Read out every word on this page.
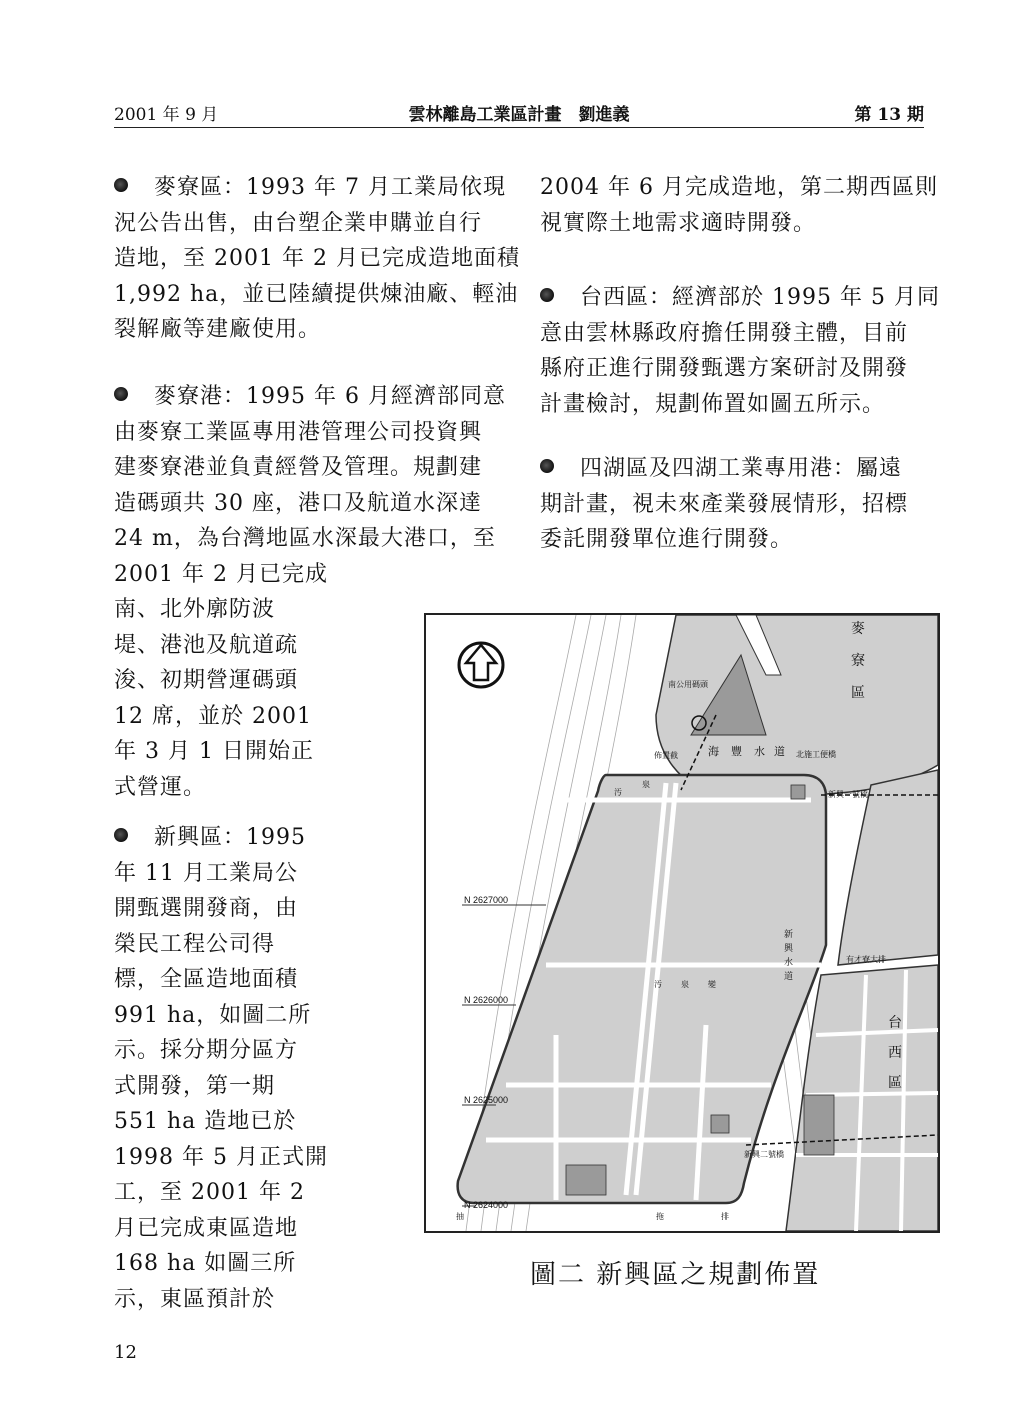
2001 年 9 月	雲林離島工業區計畫　劉進義	第 13 期
麥寮區：1993 年 7 月工業局依現
況公告出售，由台塑企業申購並自行
造地，至 2001 年 2 月已完成造地面積
1,992 ha，並已陸續提供煉油廠、輕油
裂解廠等建廠使用。
麥寮港：1995 年 6 月經濟部同意
由麥寮工業區專用港管理公司投資興
建麥寮港並負責經營及管理。規劃建
造碼頭共 30 座，港口及航道水深達
24 m，為台灣地區水深最大港口，至
2001 年 2 月已完成
南、北外廓防波
堤、港池及航道疏
浚、初期營運碼頭
12 席，並於 2001
年 3 月 1 日開始正
式營運。
新興區：1995
年 11 月工業局公
開甄選開發商，由
榮民工程公司得
標，全區造地面積
991 ha，如圖二所
示。採分期分區方
式開發，第一期
551 ha 造地已於
1998 年 5 月正式開
工，至 2001 年 2
月已完成東區造地
168 ha 如圖三所
示，東區預計於
2004 年 6 月完成造地，第二期西區則
視實際土地需求適時開發。
台西區：經濟部於 1995 年 5 月同
意由雲林縣政府擔任開發主體，目前
縣府正進行開發甄選方案研討及開發
計畫檢討，規劃佈置如圖五所示。
四湖區及四湖工業專用港：屬遠
期計畫，視未來產業發展情形，招標
委託開發單位進行開發。
N 2627000
N 2626000
N 2625000
N 2624000
麥
寮
區
南公用碼頭
佈置截	海 豐 水 道 北施工便橋
新興一號橋
新
興
水
道
有才寮大排
台
西
區
新興二號橋
汚
泉
汚 泉 變
拖	排
抽
圖二 新興區之規劃佈置
12
